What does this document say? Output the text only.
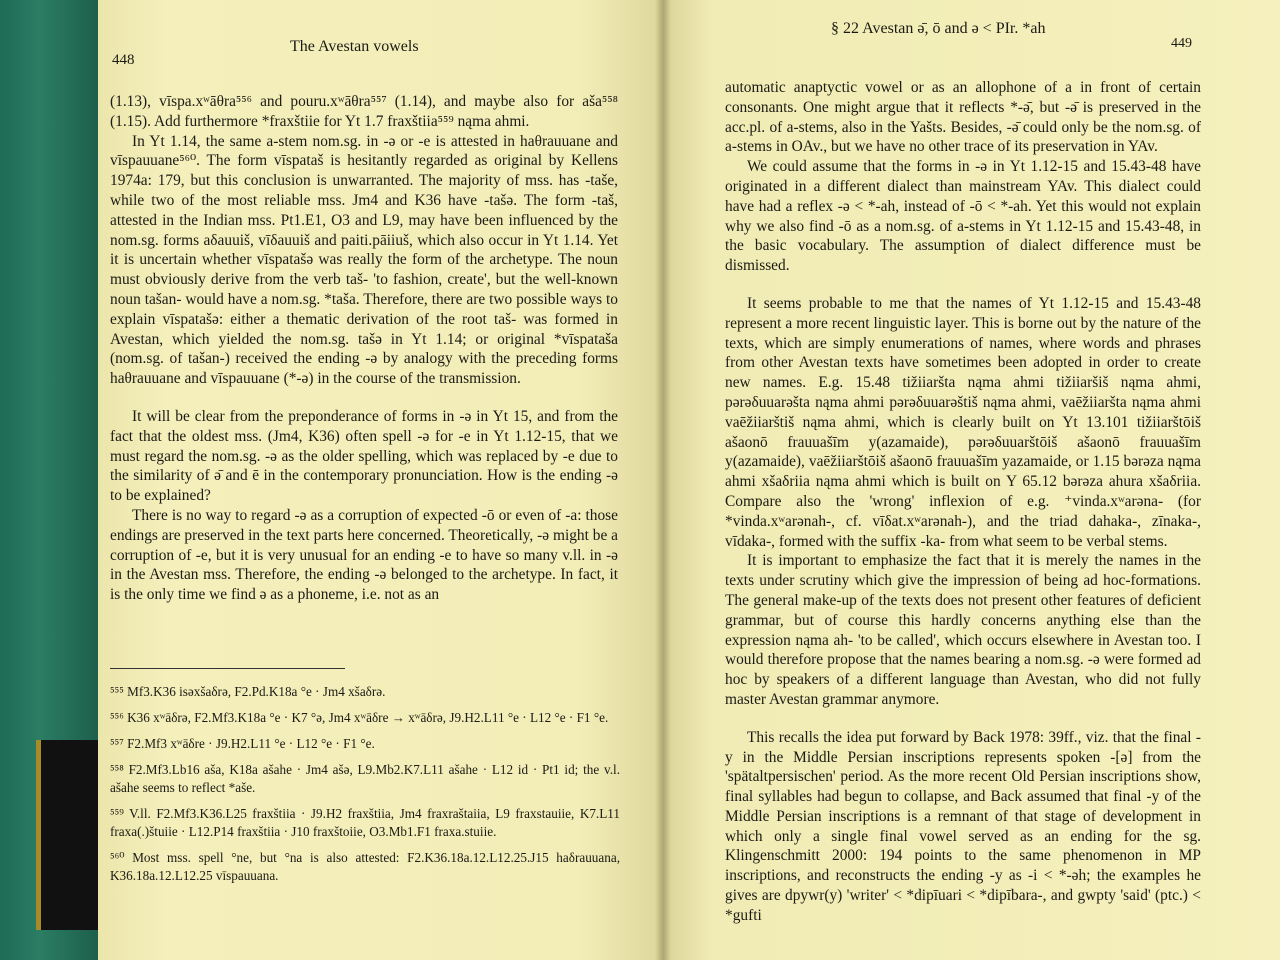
448
The Avestan vowels

(1.13), vīspa.xʷāθra⁵⁵⁶ and pouru.xʷāθra⁵⁵⁷ (1.14), and maybe also for aša⁵⁵⁸ (1.15). Add furthermore *fraxštiie for Yt 1.7 fraxštiia⁵⁵⁹ nąma ahmi.

In Yt 1.14, the same a-stem nom.sg. in -ə or -e is attested in haθrauuane and vīspauuane⁵⁶⁰. The form vīspataš is hesitantly regarded as original by Kellens 1974a: 179, but this conclusion is unwarranted. The majority of mss. has -taše, while two of the most reliable mss. Jm4 and K36 have -tašə. The form -taš, attested in the Indian mss. Pt1.E1, O3 and L9, may have been influenced by the nom.sg. forms aδauuiš, vīδauuiš and paiti.pāiiuš, which also occur in Yt 1.14. Yet it is uncertain whether vīspatašə was really the form of the archetype. The noun must obviously derive from the verb taš- 'to fashion, create', but the well-known noun tašan- would have a nom.sg. *taša. Therefore, there are two possible ways to explain vīspatašə: either a thematic derivation of the root taš- was formed in Avestan, which yielded the nom.sg. tašə in Yt 1.14; or original *vīspataša (nom.sg. of tašan-) received the ending -ə by analogy with the preceding forms haθrauuane and vīspauuane (*-ə) in the course of the transmission.

It will be clear from the preponderance of forms in -ə in Yt 15, and from the fact that the oldest mss. (Jm4, K36) often spell -ə for -e in Yt 1.12-15, that we must regard the nom.sg. -ə as the older spelling, which was replaced by -e due to the similarity of ə̄ and ē in the contemporary pronunciation. How is the ending -ə to be explained?

There is no way to regard -ə as a corruption of expected -ō or even of -a: those endings are preserved in the text parts here concerned. Theoretically, -ə might be a corruption of -e, but it is very unusual for an ending -e to have so many v.ll. in -ə in the Avestan mss. Therefore, the ending -ə belonged to the archetype. In fact, it is the only time we find ə as a phoneme, i.e. not as an

⁵⁵⁵ Mf3.K36 isəxšaδrə, F2.Pd.K18a °e · Jm4 xšaδrə.

⁵⁵⁶ K36 xʷāδrə, F2.Mf3.K18a °e · K7 °ə, Jm4 xʷāδre → xʷāδrə, J9.H2.L11 °e · L12 °e · F1 °e.

⁵⁵⁷ F2.Mf3 xʷāδre · J9.H2.L11 °e · L12 °e · F1 °e.

⁵⁵⁸ F2.Mf3.Lb16 aša, K18a ašahe · Jm4 ašə, L9.Mb2.K7.L11 ašahe · L12 id · Pt1 id; the v.l. ašahe seems to reflect *aše.

⁵⁵⁹ V.ll. F2.Mf3.K36.L25 fraxštiia · J9.H2 fraxštiia, Jm4 fraxraštaiia, L9 fraxstauiie, K7.L11 fraxa(.)štuiie · L12.P14 fraxštiia · J10 fraxštoiie, O3.Mb1.F1 fraxa.stuiie.

⁵⁶⁰ Most mss. spell °ne, but °na is also attested: F2.K36.18a.12.L12.25.J15 haδrauuana, K36.18a.12.L12.25 vīspauuana.

§ 22 Avestan ə̄, ō and ə < PIr. *ah
449

automatic anaptyctic vowel or as an allophone of a in front of certain consonants. One might argue that it reflects *-ə̄, but -ə̄ is preserved in the acc.pl. of a-stems, also in the Yašts. Besides, -ə̄ could only be the nom.sg. of a-stems in OAv., but we have no other trace of its preservation in YAv.

We could assume that the forms in -ə in Yt 1.12-15 and 15.43-48 have originated in a different dialect than mainstream YAv. This dialect could have had a reflex -ə < *-ah, instead of -ō < *-ah. Yet this would not explain why we also find -ō as a nom.sg. of a-stems in Yt 1.12-15 and 15.43-48, in the basic vocabulary. The assumption of dialect difference must be dismissed.

It seems probable to me that the names of Yt 1.12-15 and 15.43-48 represent a more recent linguistic layer. This is borne out by the nature of the texts, which are simply enumerations of names, where words and phrases from other Avestan texts have sometimes been adopted in order to create new names. E.g. 15.48 tižiiaršta nąma ahmi tižiiaršiš nąma ahmi, pərəδuuarəšta nąma ahmi pərəδuuarəštiš nąma ahmi, vaēžiiaršta nąma ahmi vaēžiiarštiš nąma ahmi, which is clearly built on Yt 13.101 tižiiarštōiš ašaonō frauuašīm y(azamaide), pərəδuuarštōiš ašaonō frauuašīm y(azamaide), vaēžiiarštōiš ašaonō frauuašīm yazamaide, or 1.15 bərəza nąma ahmi xšaδriia nąma ahmi which is built on Y 65.12 bərəza ahura xšaδriia. Compare also the 'wrong' inflexion of e.g. ⁺vinda.xʷarəna- (for *vinda.xʷarənah-, cf. vīδat.xʷarənah-), and the triad dahaka-, zīnaka-, vīdaka-, formed with the suffix -ka- from what seem to be verbal stems.

It is important to emphasize the fact that it is merely the names in the texts under scrutiny which give the impression of being ad hoc-formations. The general make-up of the texts does not present other features of deficient grammar, but of course this hardly concerns anything else than the expression nąma ah- 'to be called', which occurs elsewhere in Avestan too. I would therefore propose that the names bearing a nom.sg. -ə were formed ad hoc by speakers of a different language than Avestan, who did not fully master Avestan grammar anymore.

This recalls the idea put forward by Back 1978: 39ff., viz. that the final -y in the Middle Persian inscriptions represents spoken -[ə] from the 'spätaltpersischen' period. As the more recent Old Persian inscriptions show, final syllables had begun to collapse, and Back assumed that final -y of the Middle Persian inscriptions is a remnant of that stage of development in which only a single final vowel served as an ending for the sg. Klingenschmitt 2000: 194 points to the same phenomenon in MP inscriptions, and reconstructs the ending -y as -i < *-əh; the examples he gives are dpywr(y) 'writer' < *dipīuari < *dipībara-, and gwpty 'said' (ptc.) < *gufti
